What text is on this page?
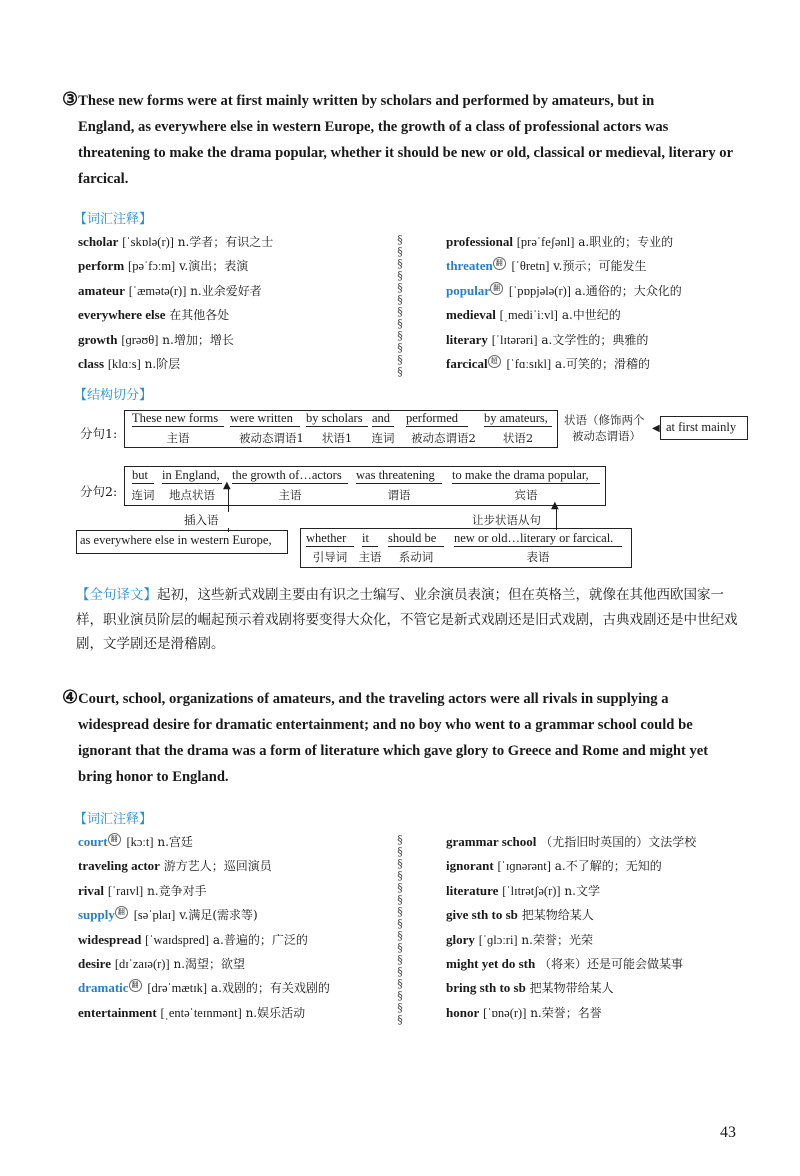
③These new forms were at first mainly written by scholars and performed by amateurs, but in
England, as everywhere else in western Europe, the growth of a class of professional actors was threatening to make the drama popular, whether it should be new or old, classical or medieval, literary or farcical.
【词汇注释】
scholar [ˈskɒlə(r)] n.学者；有识之士
perform [pəˈfɔːm] v.演出；表演
amateur [ˈæmətə(r)] n.业余爱好者
everywhere else 在其他各处
growth [ɡrəʊθ] n.增加；增长
class [klɑːs] n.阶层
§
§
§
§
§
§
§
§
§
§
§
§
professional [prəˈfeʃənl] a.职业的；专业的
threaten 翻 [ˈθretn] v.预示；可能发生
popular 翻 [ˈpɒpjələ(r)] a.通俗的；大众化的
medieval [ˌmediˈiːvl] a.中世纪的
literary [ˈlɪtərəri] a.文学性的；典雅的
farcical 超 [ˈfɑːsɪkl] a.可笑的；滑稽的
【结构切分】
分句1:
These new forms
主语
were written
被动态谓语1
by scholars
状语1
and
连词
performed
被动态谓语2
by amateurs,
状语2
状语（修饰两个
被动态谓语）
at first mainly
◀
分句2:
but
连词
in England,
地点状语
the growth of…actors
主语
was threatening
谓语
to make the drama popular,
宾语
▲
插入语
▲
让步状语从句
as everywhere else in western Europe,	whether
引导词
it
主语
should be
系动词
new or old…literary or farcical.
表语
【全句译文】起初，这些新式戏剧主要由有识之士编写、业余演员表演；但在英格兰，就像在其他西欧国家一样，职业演员阶层的崛起预示着戏剧将要变得大众化，不管它是新式戏剧还是旧式戏剧，古典戏剧还是中世纪戏剧，文学剧还是滑稽剧。
④Court, school, organizations of amateurs, and the traveling actors were all rivals in supplying a
widespread desire for dramatic entertainment; and no boy who went to a grammar school could be ignorant that the drama was a form of literature which gave glory to Greece and Rome and might yet bring honor to England.
【词汇注释】
court 翻 [kɔːt] n.宫廷
traveling actor 游方艺人；巡回演员
rival [ˈraɪvl] n.竞争对手
supply 翻 [səˈplaɪ] v.满足(需求等)
widespread [ˈwaɪdspred] a.普遍的；广泛的
desire [dɪˈzaɪə(r)] n.渴望；欲望
dramatic 翻 [drəˈmætɪk] a.戏剧的；有关戏剧的
entertainment [ˌentəˈteɪnmənt] n.娱乐活动
§
§
§
§
§
§
§
§
§
§
§
§
§
§
§
§
grammar school （尤指旧时英国的）文法学校
ignorant [ˈɪɡnərənt] a.不了解的；无知的
literature [ˈlɪtrətʃə(r)] n.文学
give sth to sb 把某物给某人
glory [ˈɡlɔːri] n.荣誉；光荣
might yet do sth （将来）还是可能会做某事
bring sth to sb 把某物带给某人
honor [ˈɒnə(r)] n.荣誉；名誉
43
